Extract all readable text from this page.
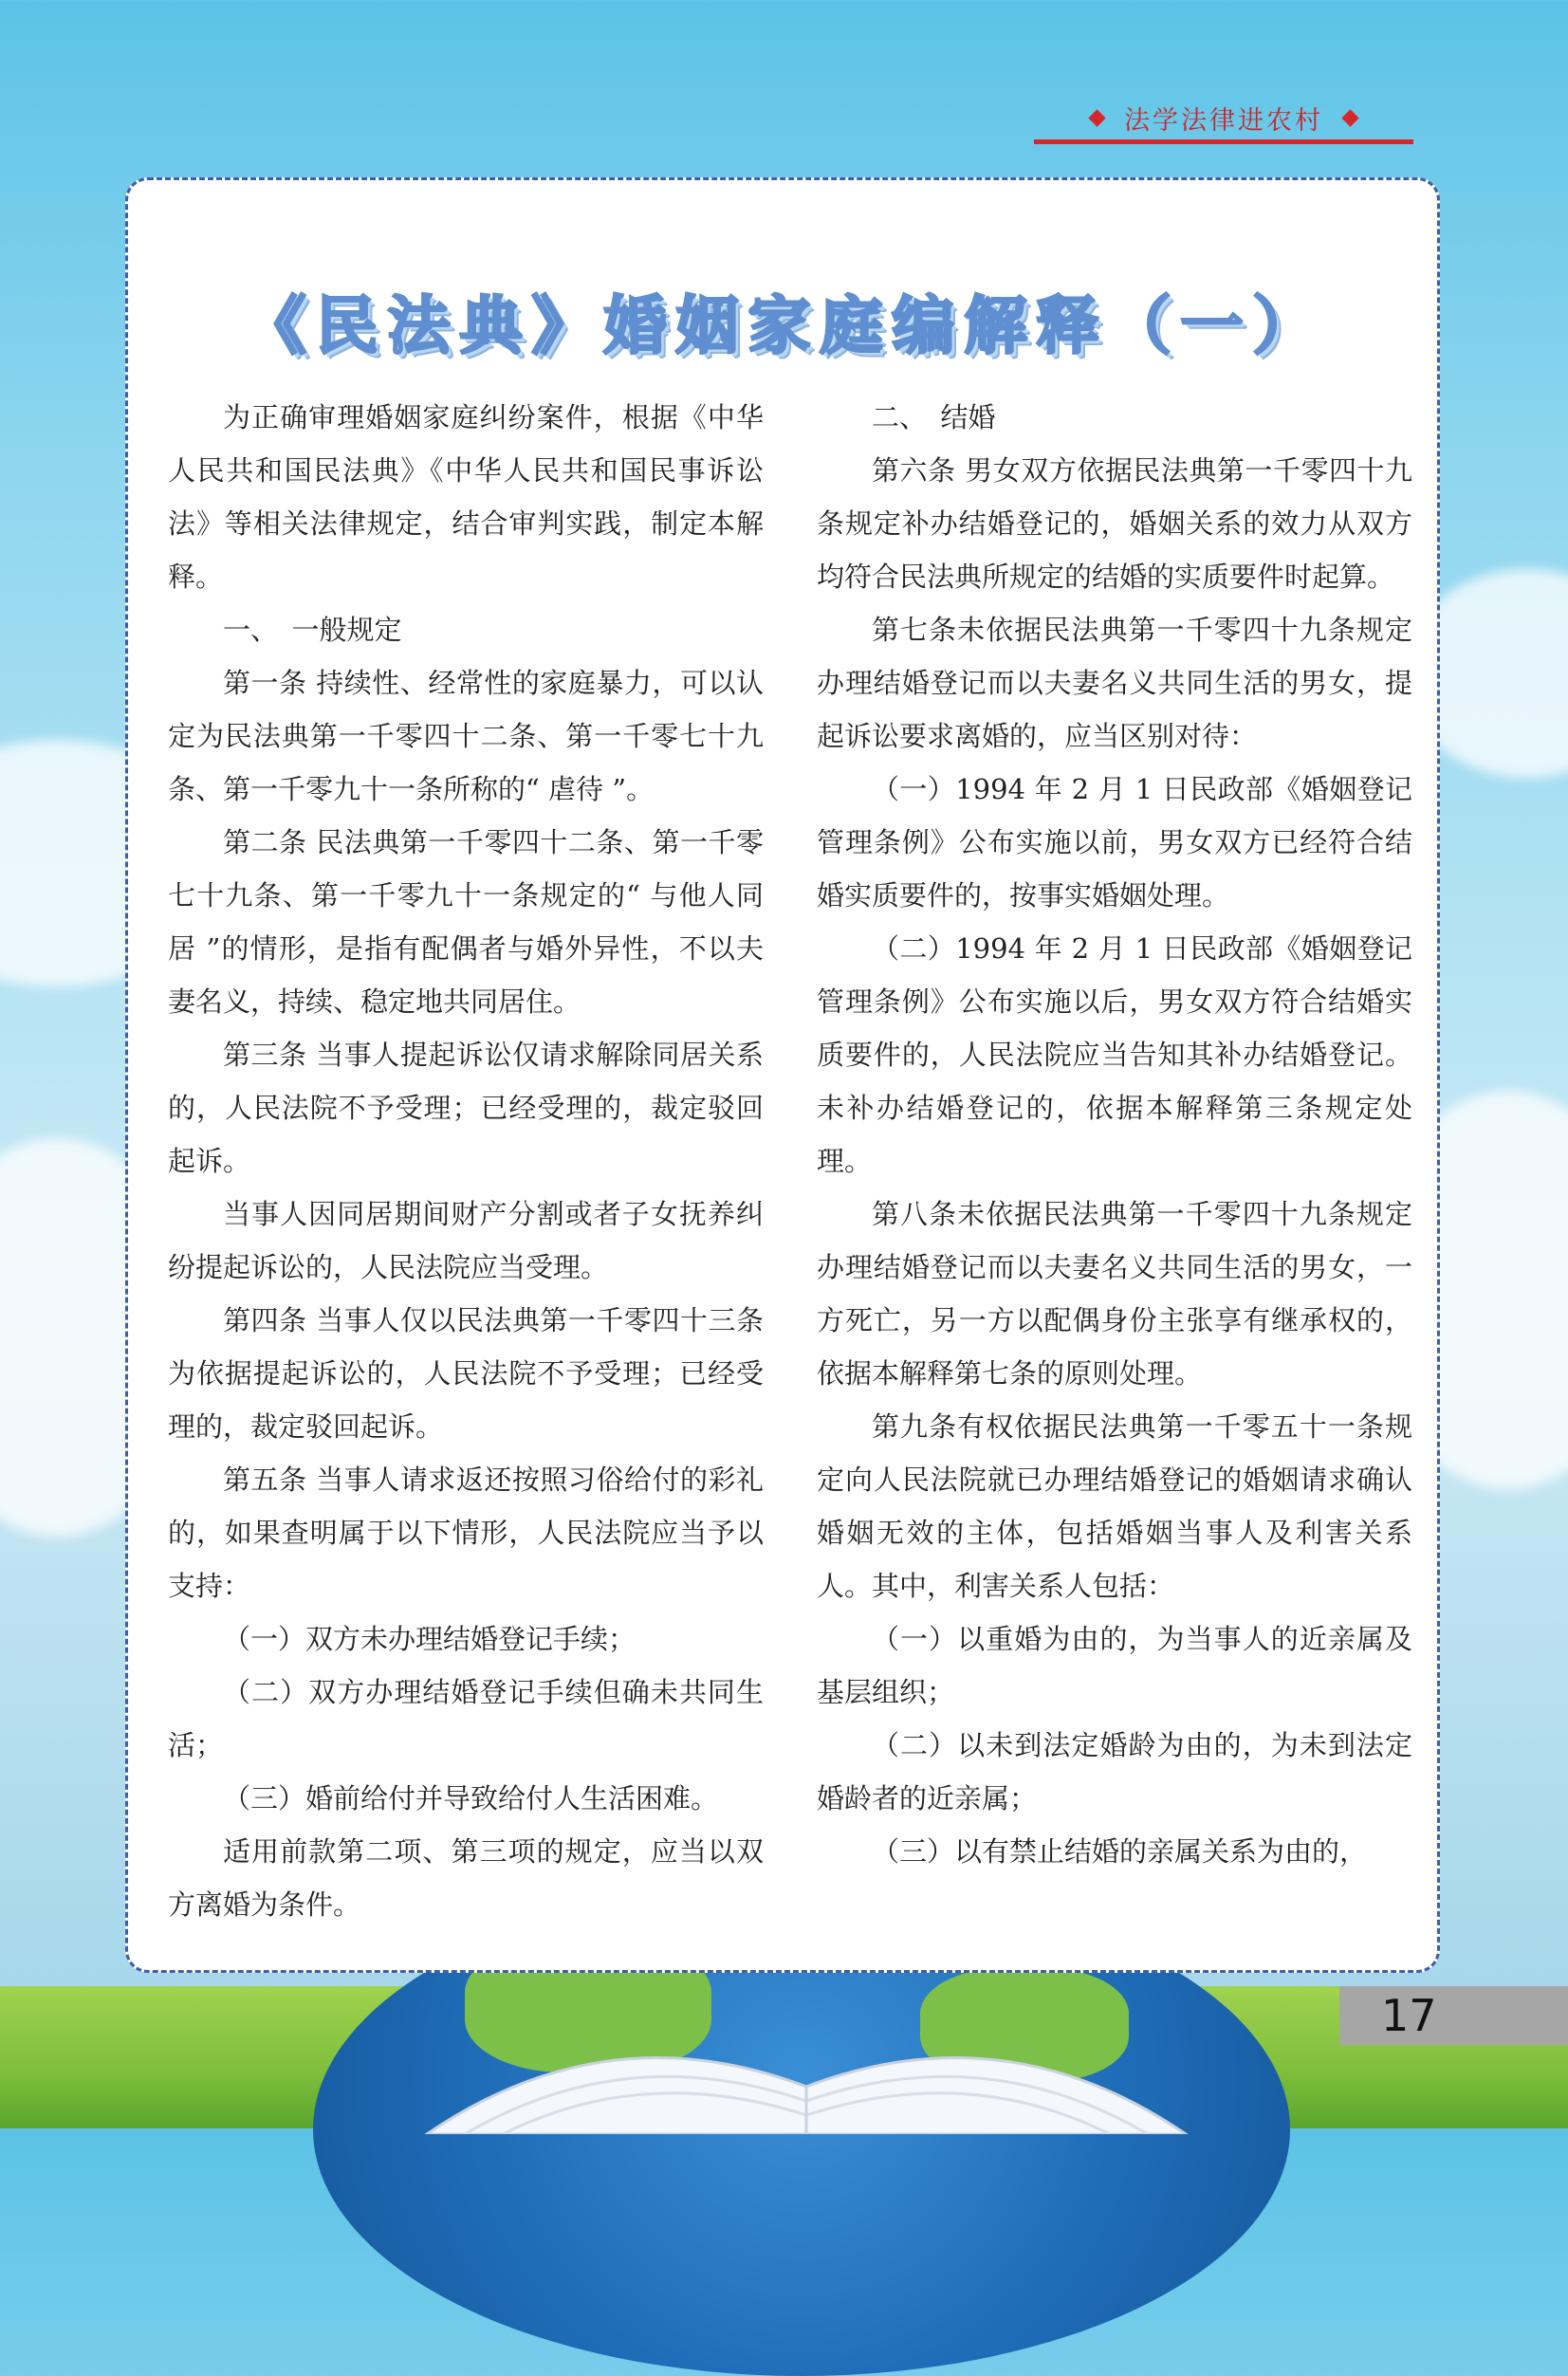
法学法律进农村
《民法典》婚姻家庭编解释（一）

为正确审理婚姻家庭纠纷案件，根据《中华人民共和国民法典》《中华人民共和国民事诉讼法》等相关法律规定，结合审判实践，制定本解释。

一、　一般规定

第一条 持续性、经常性的家庭暴力，可以认定为民法典第一千零四十二条、第一千零七十九条、第一千零九十一条所称的“ 虐待 ”。

第二条 民法典第一千零四十二条、第一千零七十九条、第一千零九十一条规定的“ 与他人同居 ”的情形，是指有配偶者与婚外异性，不以夫妻名义，持续、稳定地共同居住。

第三条 当事人提起诉讼仅请求解除同居关系的，人民法院不予受理；已经受理的，裁定驳回起诉。

当事人因同居期间财产分割或者子女抚养纠纷提起诉讼的，人民法院应当受理。

第四条 当事人仅以民法典第一千零四十三条为依据提起诉讼的，人民法院不予受理；已经受理的，裁定驳回起诉。

第五条 当事人请求返还按照习俗给付的彩礼的，如果查明属于以下情形，人民法院应当予以支持：

（一）双方未办理结婚登记手续；

（二）双方办理结婚登记手续但确未共同生活；

（三）婚前给付并导致给付人生活困难。

适用前款第二项、第三项的规定，应当以双方离婚为条件。

二、　结婚

第六条 男女双方依据民法典第一千零四十九条规定补办结婚登记的，婚姻关系的效力从双方均符合民法典所规定的结婚的实质要件时起算。

第七条未依据民法典第一千零四十九条规定办理结婚登记而以夫妻名义共同生活的男女，提起诉讼要求离婚的，应当区别对待：

（一）1994 年 2 月 1 日民政部《婚姻登记管理条例》公布实施以前，男女双方已经符合结婚实质要件的，按事实婚姻处理。

（二）1994 年 2 月 1 日民政部《婚姻登记管理条例》公布实施以后，男女双方符合结婚实质要件的，人民法院应当告知其补办结婚登记。未补办结婚登记的，依据本解释第三条规定处理。

第八条未依据民法典第一千零四十九条规定办理结婚登记而以夫妻名义共同生活的男女，一方死亡，另一方以配偶身份主张享有继承权的，依据本解释第七条的原则处理。

第九条有权依据民法典第一千零五十一条规定向人民法院就已办理结婚登记的婚姻请求确认婚姻无效的主体，包括婚姻当事人及利害关系人。其中，利害关系人包括：

（一）以重婚为由的，为当事人的近亲属及基层组织；

（二）以未到法定婚龄为由的，为未到法定婚龄者的近亲属；

（三）以有禁止结婚的亲属关系为由的，

17
